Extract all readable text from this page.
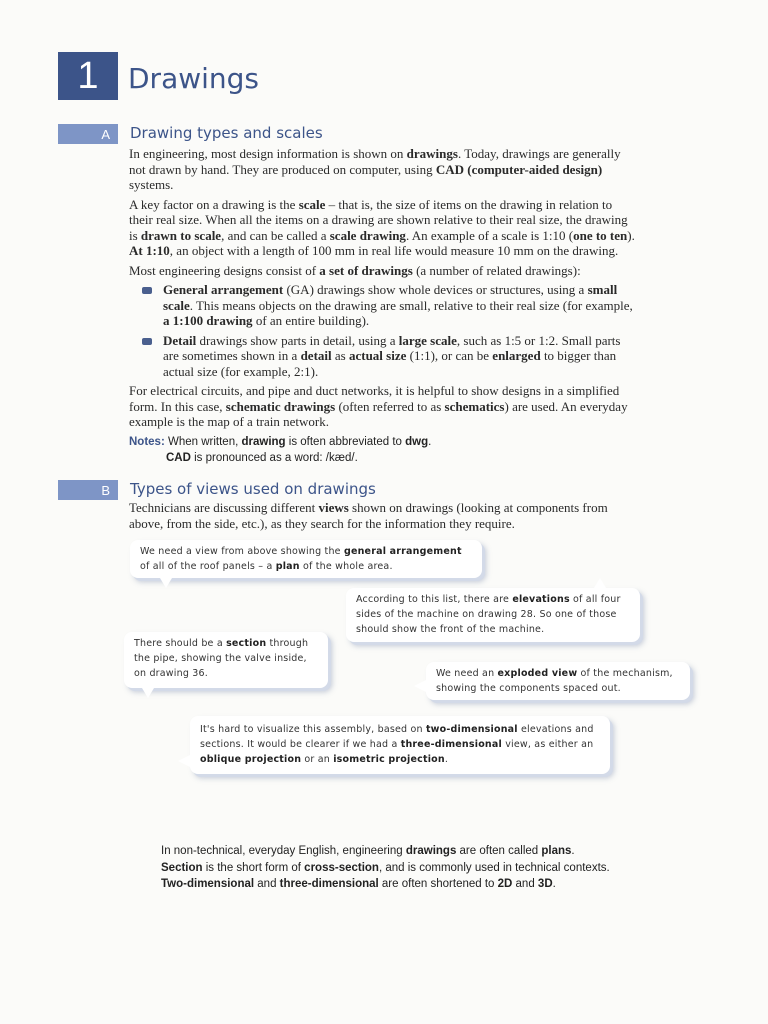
1 Drawings
A	Drawing types and scales

In engineering, most design information is shown on drawings. Today, drawings are generally not drawn by hand. They are produced on computer, using CAD (computer-aided design) systems.

A key factor on a drawing is the scale – that is, the size of items on the drawing in relation to their real size. When all the items on a drawing are shown relative to their real size, the drawing is drawn to scale, and can be called a scale drawing. An example of a scale is 1:10 (one to ten). At 1:10, an object with a length of 100 mm in real life would measure 10 mm on the drawing.

Most engineering designs consist of a set of drawings (a number of related drawings):

General arrangement (GA) drawings show whole devices or structures, using a small scale. This means objects on the drawing are small, relative to their real size (for example, a 1:100 drawing of an entire building).
Detail drawings show parts in detail, using a large scale, such as 1:5 or 1:2. Small parts are sometimes shown in a detail as actual size (1:1), or can be enlarged to bigger than actual size (for example, 2:1).

For electrical circuits, and pipe and duct networks, it is helpful to show designs in a simplified form. In this case, schematic drawings (often referred to as schematics) are used. An everyday example is the map of a train network.

Notes: When written, drawing is often abbreviated to dwg.
CAD is pronounced as a word: /kæd/.
B	Types of views used on drawings
Technicians are discussing different views shown on drawings (looking at components from above, from the side, etc.), as they search for the information they require.
We need a view from above showing the general arrangement of all of the roof panels – a plan of the whole area.
According to this list, there are elevations of all four sides of the machine on drawing 28. So one of those should show the front of the machine.
There should be a section through the pipe, showing the valve inside, on drawing 36.	We need an exploded view of the mechanism, showing the components spaced out.
It's hard to visualize this assembly, based on two-dimensional elevations and sections. It would be clearer if we had a three-dimensional view, as either an oblique projection or an isometric projection.

In non-technical, everyday English, engineering drawings are often called plans.

Section is the short form of cross-section, and is commonly used in technical contexts.

Two-dimensional and three-dimensional are often shortened to 2D and 3D.
